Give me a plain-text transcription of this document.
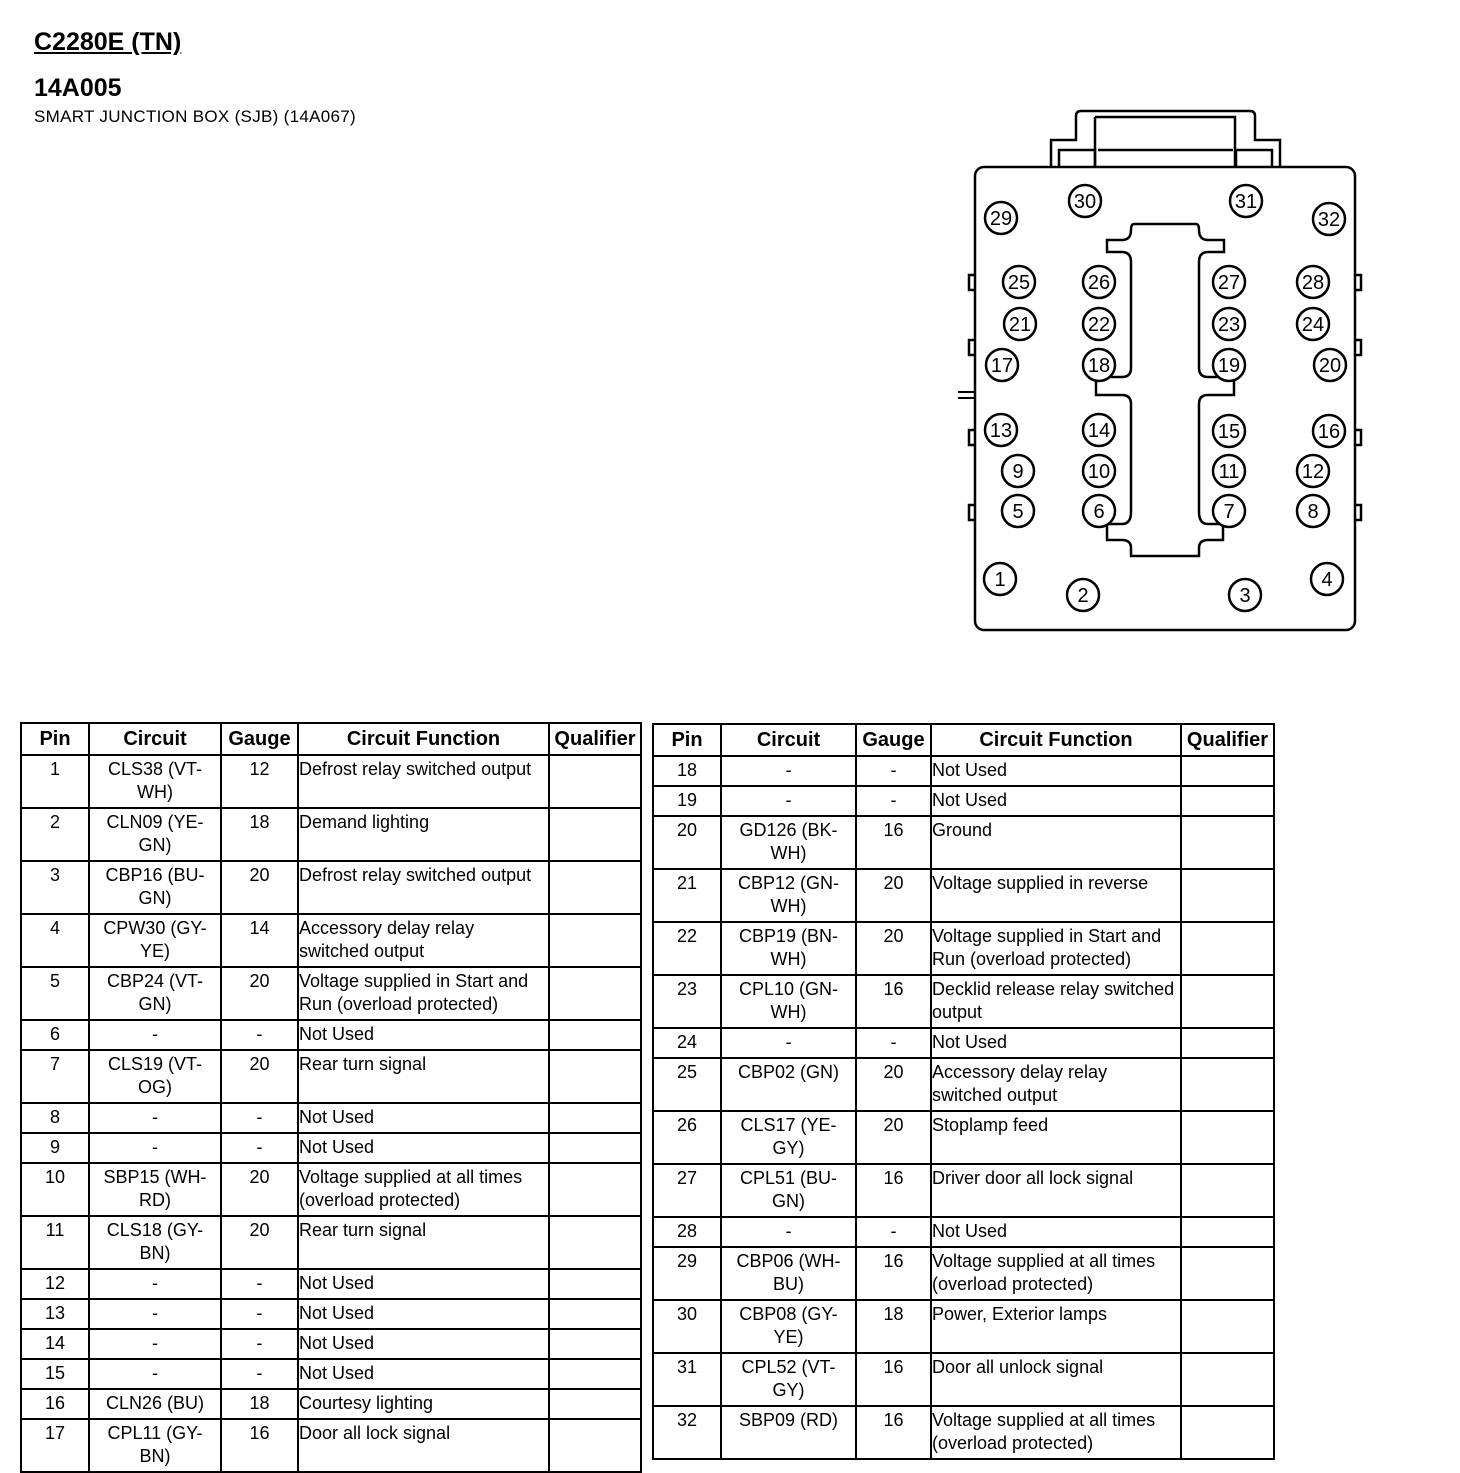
C2280E (TN)
14A005
SMART JUNCTION BOX (SJB) (14A067)
1
2	3
4
5	6	7	8
9	10	11	12
13	14	15	16
17	18	19	20
21	22	23	24
25	26	27	28
29
30	31
32
Pin	Circuit	Gauge	Circuit Function	Qualifier
1	CLS38 (VT-WH)	12	Defrost relay switched output	
2	CLN09 (YE-GN)	18	Demand lighting	
3	CBP16 (BU-GN)	20	Defrost relay switched output	
4	CPW30 (GY-YE)	14	Accessory delay relay switched output	
5	CBP24 (VT-GN)	20	Voltage supplied in Start and Run (overload protected)	
6	-	-	Not Used	
7	CLS19 (VT-OG)	20	Rear turn signal	
8	-	-	Not Used	
9	-	-	Not Used	
10	SBP15 (WH-RD)	20	Voltage supplied at all times (overload protected)	
11	CLS18 (GY-BN)	20	Rear turn signal	
12	-	-	Not Used	
13	-	-	Not Used	
14	-	-	Not Used	
15	-	-	Not Used	
16	CLN26 (BU)	18	Courtesy lighting	
17	CPL11 (GY-BN)	16	Door all lock signal	
Pin	Circuit	Gauge	Circuit Function	Qualifier
18	-	-	Not Used	
19	-	-	Not Used	
20	GD126 (BK-WH)	16	Ground	
21	CBP12 (GN-WH)	20	Voltage supplied in reverse	
22	CBP19 (BN-WH)	20	Voltage supplied in Start and Run (overload protected)	
23	CPL10 (GN-WH)	16	Decklid release relay switched output	
24	-	-	Not Used	
25	CBP02 (GN)	20	Accessory delay relay switched output	
26	CLS17 (YE-GY)	20	Stoplamp feed	
27	CPL51 (BU-GN)	16	Driver door all lock signal	
28	-	-	Not Used	
29	CBP06 (WH-BU)	16	Voltage supplied at all times (overload protected)	
30	CBP08 (GY-YE)	18	Power, Exterior lamps	
31	CPL52 (VT-GY)	16	Door all unlock signal	
32	SBP09 (RD)	16	Voltage supplied at all times (overload protected)	
